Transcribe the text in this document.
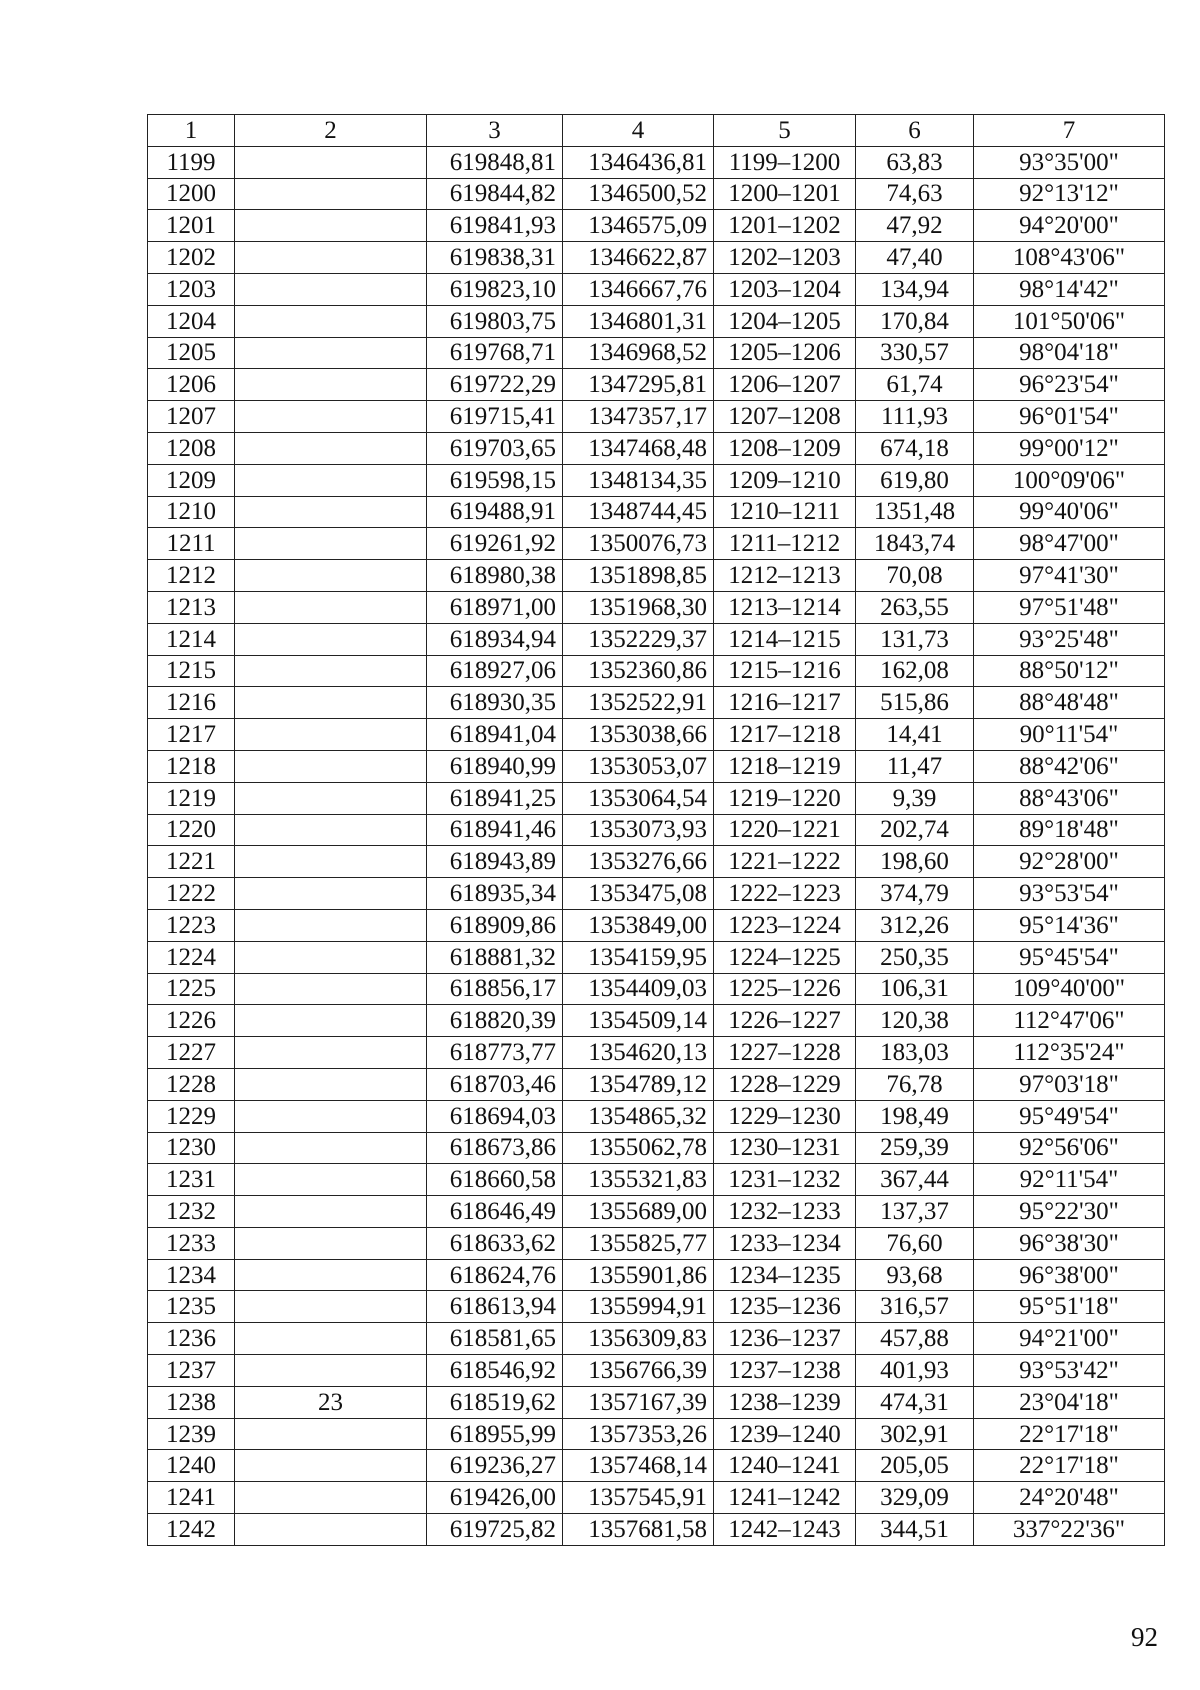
1	2	3	4	5	6	7
1199		619848,81	1346436,81	1199–1200	63,83	93°35'00"
1200		619844,82	1346500,52	1200–1201	74,63	92°13'12"
1201		619841,93	1346575,09	1201–1202	47,92	94°20'00"
1202		619838,31	1346622,87	1202–1203	47,40	108°43'06"
1203		619823,10	1346667,76	1203–1204	134,94	98°14'42"
1204		619803,75	1346801,31	1204–1205	170,84	101°50'06"
1205		619768,71	1346968,52	1205–1206	330,57	98°04'18"
1206		619722,29	1347295,81	1206–1207	61,74	96°23'54"
1207		619715,41	1347357,17	1207–1208	111,93	96°01'54"
1208		619703,65	1347468,48	1208–1209	674,18	99°00'12"
1209		619598,15	1348134,35	1209–1210	619,80	100°09'06"
1210		619488,91	1348744,45	1210–1211	1351,48	99°40'06"
1211		619261,92	1350076,73	1211–1212	1843,74	98°47'00"
1212		618980,38	1351898,85	1212–1213	70,08	97°41'30"
1213		618971,00	1351968,30	1213–1214	263,55	97°51'48"
1214		618934,94	1352229,37	1214–1215	131,73	93°25'48"
1215		618927,06	1352360,86	1215–1216	162,08	88°50'12"
1216		618930,35	1352522,91	1216–1217	515,86	88°48'48"
1217		618941,04	1353038,66	1217–1218	14,41	90°11'54"
1218		618940,99	1353053,07	1218–1219	11,47	88°42'06"
1219		618941,25	1353064,54	1219–1220	9,39	88°43'06"
1220		618941,46	1353073,93	1220–1221	202,74	89°18'48"
1221		618943,89	1353276,66	1221–1222	198,60	92°28'00"
1222		618935,34	1353475,08	1222–1223	374,79	93°53'54"
1223		618909,86	1353849,00	1223–1224	312,26	95°14'36"
1224		618881,32	1354159,95	1224–1225	250,35	95°45'54"
1225		618856,17	1354409,03	1225–1226	106,31	109°40'00"
1226		618820,39	1354509,14	1226–1227	120,38	112°47'06"
1227		618773,77	1354620,13	1227–1228	183,03	112°35'24"
1228		618703,46	1354789,12	1228–1229	76,78	97°03'18"
1229		618694,03	1354865,32	1229–1230	198,49	95°49'54"
1230		618673,86	1355062,78	1230–1231	259,39	92°56'06"
1231		618660,58	1355321,83	1231–1232	367,44	92°11'54"
1232		618646,49	1355689,00	1232–1233	137,37	95°22'30"
1233		618633,62	1355825,77	1233–1234	76,60	96°38'30"
1234		618624,76	1355901,86	1234–1235	93,68	96°38'00"
1235		618613,94	1355994,91	1235–1236	316,57	95°51'18"
1236		618581,65	1356309,83	1236–1237	457,88	94°21'00"
1237		618546,92	1356766,39	1237–1238	401,93	93°53'42"
1238	23	618519,62	1357167,39	1238–1239	474,31	23°04'18"
1239		618955,99	1357353,26	1239–1240	302,91	22°17'18"
1240		619236,27	1357468,14	1240–1241	205,05	22°17'18"
1241		619426,00	1357545,91	1241–1242	329,09	24°20'48"
1242		619725,82	1357681,58	1242–1243	344,51	337°22'36"
92
